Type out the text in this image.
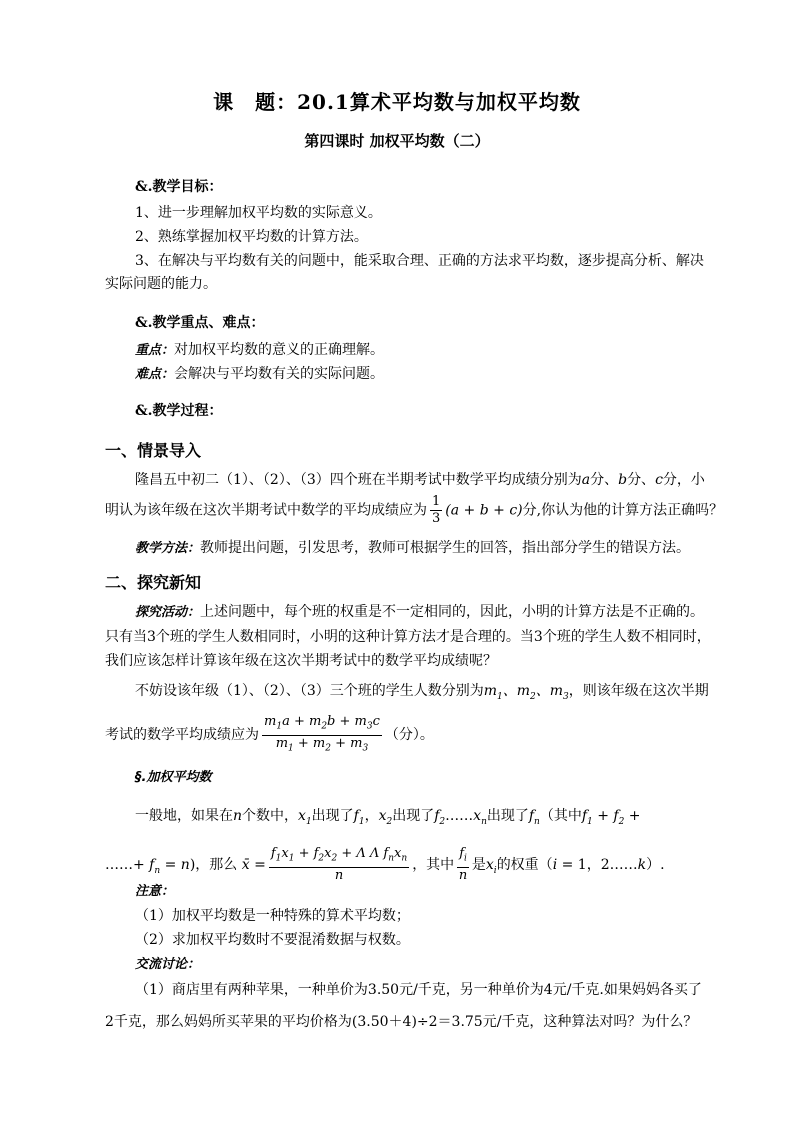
课　题：20.1算术平均数与加权平均数
第四课时 加权平均数（二）
&.教学目标：
1、进一步理解加权平均数的实际意义。
2、熟练掌握加权平均数的计算方法。
3、在解决与平均数有关的问题中，能采取合理、正确的方法求平均数，逐步提高分析、解决
实际问题的能力。
&.教学重点、难点：
重点：对加权平均数的意义的正确理解。
难点：会解决与平均数有关的实际问题。
&.教学过程：
一、情景导入
隆昌五中初二（1）、（2）、（3）四个班在半期考试中数学平均成绩分别为a分、b分、c分，小
明认为该年级在这次半期考试中数学的平均成绩应为 $\frac{1}{3} (a + b + c)$分,你认为他的计算方法正确吗？
教学方法：教师提出问题，引发思考，教师可根据学生的回答，指出部分学生的错误方法。
二、探究新知
探究活动：上述问题中，每个班的权重是不一定相同的，因此，小明的计算方法是不正确的。
只有当3个班的学生人数相同时，小明的这种计算方法才是合理的。当3个班的学生人数不相同时，
我们应该怎样计算该年级在这次半期考试中的数学平均成绩呢？
不妨设该年级（1）、（2）、（3）三个班的学生人数分别为$m_1$、$m_2$、$m_3$，则该年级在这次半期
考试的数学平均成绩应为 $\frac{m_1a + m_2b + m_3c}{m_1 + m_2 + m_3}$ （分）。
§.加权平均数
一般地，如果在n个数中，$x_1$出现了$f_1$，$x_2$出现了$f_2\dots\dots x_n$出现了$f_n$（其中$f_1 + f_2$ +
……+ $f_n = n$)，那么 x̄ = $\frac{f_1x_1 + f_2x_2 + \Lambda \Lambda f_nx_n}{n}$ ，其中 $\frac{f_i}{n}$ 是$x_i$的权重（i = 1，2……k）.
注意：
（1）加权平均数是一种特殊的算术平均数；
（2）求加权平均数时不要混淆数据与权数。
交流讨论：
（1）商店里有两种苹果，一种单价为3.50元/千克，另一种单价为4元/千克.如果妈妈各买了
2千克，那么妈妈所买苹果的平均价格为(3.50＋4)÷2＝3.75元/千克，这种算法对吗？为什么？
